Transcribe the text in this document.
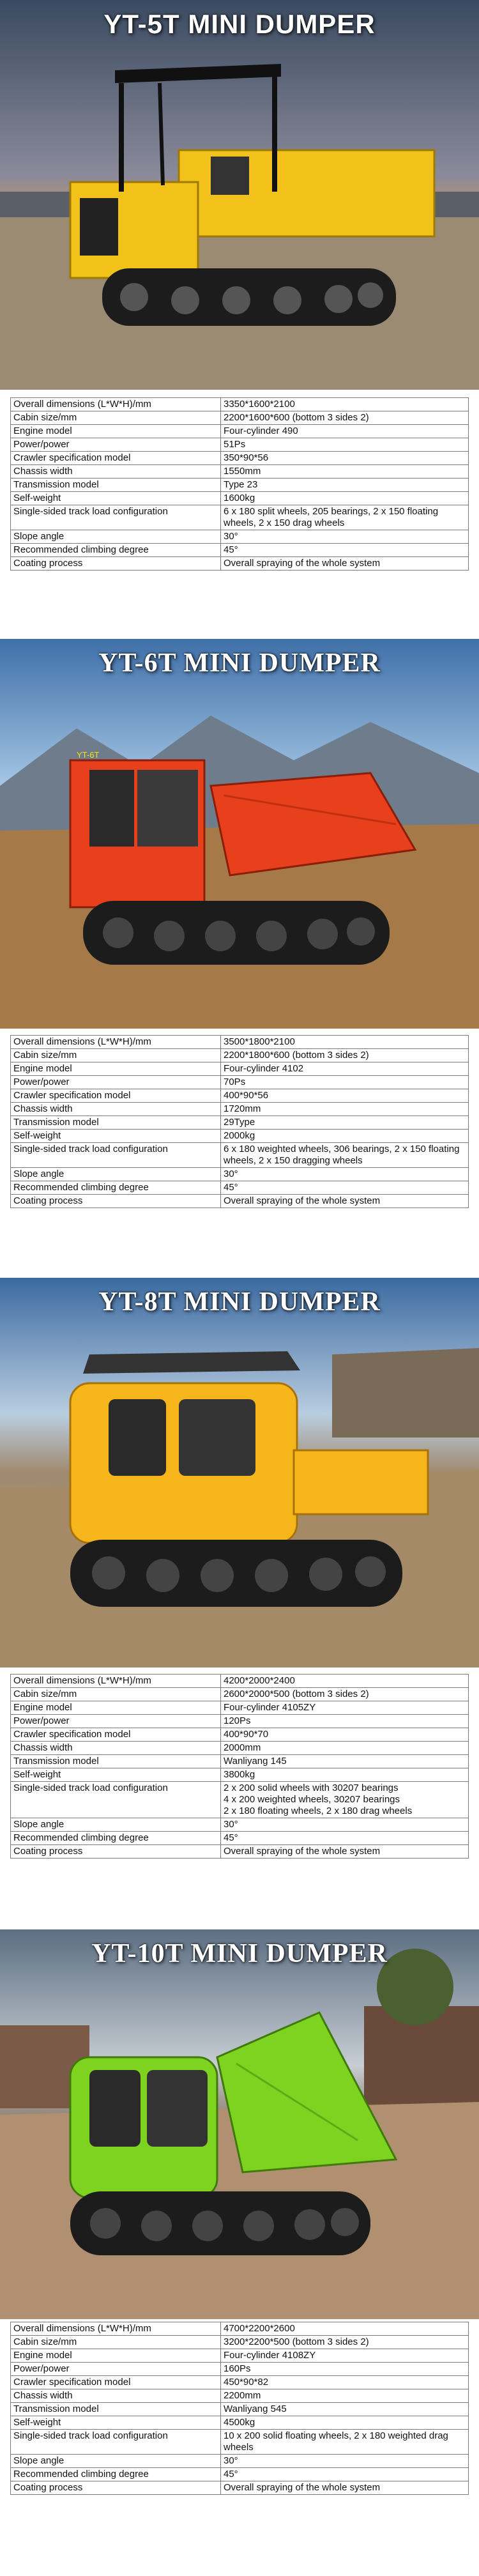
YT-5T MINI DUMPER
Overall dimensions (L*W*H)/mm	3350*1600*2100
Cabin size/mm	2200*1600*600 (bottom 3 sides 2)
Engine model	Four-cylinder 490
Power/power	51Ps
Crawler specification model	350*90*56
Chassis width	1550mm
Transmission model	Type 23
Self-weight	1600kg
Single-sided track load configuration	6 x 180 split wheels, 205 bearings, 2 x 150 floating wheels, 2 x 150 drag wheels
Slope angle	30°
Recommended climbing degree	45°
Coating process	Overall spraying of the whole system
YT-6T
YT-6T MINI DUMPER
Overall dimensions (L*W*H)/mm	3500*1800*2100
Cabin size/mm	2200*1800*600 (bottom 3 sides 2)
Engine model	Four-cylinder 4102
Power/power	70Ps
Crawler specification model	400*90*56
Chassis width	1720mm
Transmission model	29Type
Self-weight	2000kg
Single-sided track load configuration	6 x 180 weighted wheels, 306 bearings, 2 x 150 floating wheels, 2 x 150 dragging wheels
Slope angle	30°
Recommended climbing degree	45°
Coating process	Overall spraying of the whole system
YT-8T MINI DUMPER
Overall dimensions (L*W*H)/mm	4200*2000*2400
Cabin size/mm	2600*2000*500 (bottom 3 sides 2)
Engine model	Four-cylinder 4105ZY
Power/power	120Ps
Crawler specification model	400*90*70
Chassis width	2000mm
Transmission model	Wanliyang 145
Self-weight	3800kg
Single-sided track load configuration	2 x 200 solid wheels with 30207 bearings
4 x 200 weighted wheels, 30207 bearings
2 x 180 floating wheels, 2 x 180 drag wheels
Slope angle	30°
Recommended climbing degree	45°
Coating process	Overall spraying of the whole system
YT-10T MINI DUMPER
Overall dimensions (L*W*H)/mm	4700*2200*2600
Cabin size/mm	3200*2200*500 (bottom 3 sides 2)
Engine model	Four-cylinder 4108ZY
Power/power	160Ps
Crawler specification model	450*90*82
Chassis width	2200mm
Transmission model	Wanliyang 545
Self-weight	4500kg
Single-sided track load configuration	10 x 200 solid floating wheels, 2 x 180 weighted drag wheels
Slope angle	30°
Recommended climbing degree	45°
Coating process	Overall spraying of the whole system
